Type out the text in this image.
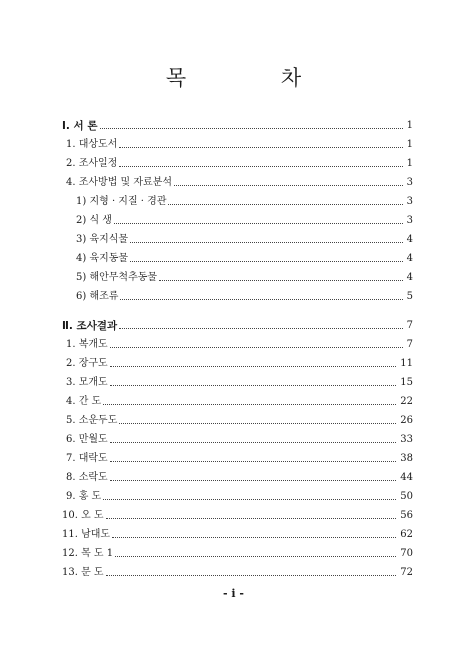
목 차
Ⅰ. 서 론	1
1. 대상도서	1
2. 조사일정	1
4. 조사방법 및 자료분석	3
1) 지형 · 지질 · 경관	3
2) 식 생	3
3) 육지식물	4
4) 육지동물	4
5) 해안무척추동물	4
6) 해조류	5
Ⅱ. 조사결과	7
1. 복개도	7
2. 장구도	11
3. 모개도	15
4. 간 도	22
5. 소운두도	26
6. 만월도	33
7. 대락도	38
8. 소락도	44
9. 홍 도	50
10. 오 도	56
11. 남대도	62
12. 목 도 1	70
13. 문 도	72
- i -
